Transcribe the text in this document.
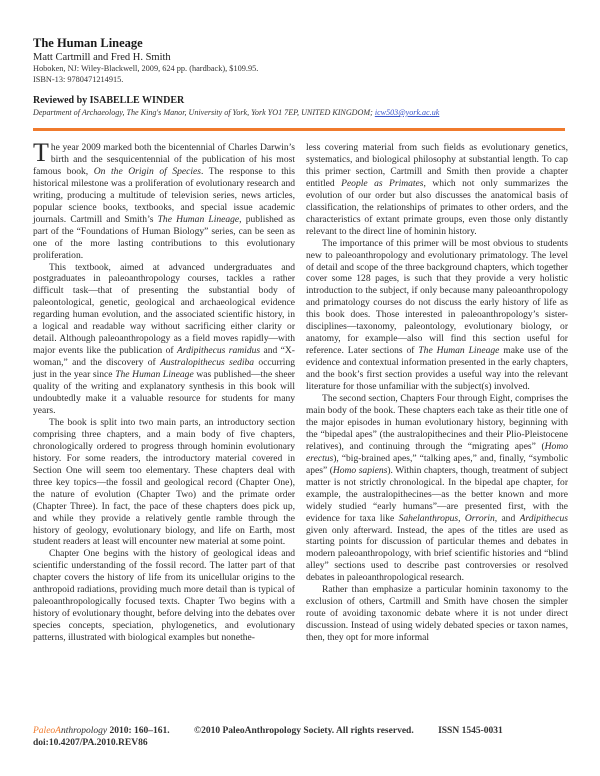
The Human Lineage
Matt Cartmill and Fred H. Smith
Hoboken, NJ: Wiley-Blackwell, 2009, 624 pp. (hardback), $109.95.
ISBN-13: 9780471214915.
Reviewed by ISABELLE WINDER
Department of Archaeology, The King's Manor, University of York, York YO1 7EP, UNITED KINGDOM; icw503@york.ac.uk

The year 2009 marked both the bicentennial of Charles Darwin’s birth and the sesquicentennial of the publication of his most famous book, On the Origin of Species. The response to this historical milestone was a proliferation of evolutionary research and writing, producing a multitude of television series, news articles, popular science books, textbooks, and special issue academic journals. Cartmill and Smith’s The Human Lineage, published as part of the “Foundations of Human Biology” series, can be seen as one of the more lasting contributions to this evolutionary proliferation.

This textbook, aimed at advanced undergraduates and postgraduates in paleoanthropology courses, tackles a rather difficult task—that of presenting the substantial body of paleontological, genetic, geological and archaeological evidence regarding human evolution, and the associated scientific history, in a logical and readable way without sacrificing either clarity or detail. Although paleoanthropology as a field moves rapidly—with major events like the publication of Ardipithecus ramidus and “X-woman,” and the discovery of Australopithecus sediba occurring just in the year since The Human Lineage was published—the sheer quality of the writing and explanatory synthesis in this book will undoubtedly make it a valuable resource for students for many years.

The book is split into two main parts, an introductory section comprising three chapters, and a main body of five chapters, chronologically ordered to progress through hominin evolutionary history. For some readers, the introductory material covered in Section One will seem too elementary. These chapters deal with three key topics—the fossil and geological record (Chapter One), the nature of evolution (Chapter Two) and the primate order (Chapter Three). In fact, the pace of these chapters does pick up, and while they provide a relatively gentle ramble through the history of geology, evolutionary biology, and life on Earth, most student readers at least will encounter new material at some point.

Chapter One begins with the history of geological ideas and scientific understanding of the fossil record. The latter part of that chapter covers the history of life from its unicellular origins to the anthropoid radiations, providing much more detail than is typical of paleoanthropologically focused texts. Chapter Two begins with a history of evolutionary thought, before delving into the debates over species concepts, speciation, phylogenetics, and evolutionary patterns, illustrated with biological examples but nonethe-

less covering material from such fields as evolutionary genetics, systematics, and biological philosophy at substantial length. To cap this primer section, Cartmill and Smith then provide a chapter entitled People as Primates, which not only summarizes the evolution of our order but also discusses the anatomical basis of classification, the relationships of primates to other orders, and the characteristics of extant primate groups, even those only distantly relevant to the direct line of hominin history.

The importance of this primer will be most obvious to students new to paleoanthropology and evolutionary primatology. The level of detail and scope of the three background chapters, which together cover some 128 pages, is such that they provide a very holistic introduction to the subject, if only because many paleoanthropology and primatology courses do not discuss the early history of life as this book does. Those interested in paleoanthropology’s sister-disciplines—taxonomy, paleontology, evolutionary biology, or anatomy, for example—also will find this section useful for reference. Later sections of The Human Lineage make use of the evidence and contextual information presented in the early chapters, and the book’s first section provides a useful way into the relevant literature for those unfamiliar with the subject(s) involved.

The second section, Chapters Four through Eight, comprises the main body of the book. These chapters each take as their title one of the major episodes in human evolutionary history, beginning with the “bipedal apes” (the australopithecines and their Plio-Pleistocene relatives), and continuing through the “migrating apes” (Homo erectus), “big-brained apes,” “talking apes,” and, finally, “symbolic apes” (Homo sapiens). Within chapters, though, treatment of subject matter is not strictly chronological. In the bipedal ape chapter, for example, the australopithecines—as the better known and more widely studied “early humans”—are presented first, with the evidence for taxa like Sahelanthropus, Orrorin, and Ardipithecus given only afterward. Instead, the apes of the titles are used as starting points for discussion of particular themes and debates in modern paleoanthropology, with brief scientific histories and “blind alley” sections used to describe past controversies or resolved debates in paleoanthropological research.

Rather than emphasize a particular hominin taxonomy to the exclusion of others, Cartmill and Smith have chosen the simpler route of avoiding taxonomic debate where it is not under direct discussion. Instead of using widely debated species or taxon names, then, they opt for more informal

PaleoAnthropology 2010: 160–161.	©2010 PaleoAnthropology Society. All rights reserved.	ISSN 1545-0031
doi:10.4207/PA.2010.REV86
